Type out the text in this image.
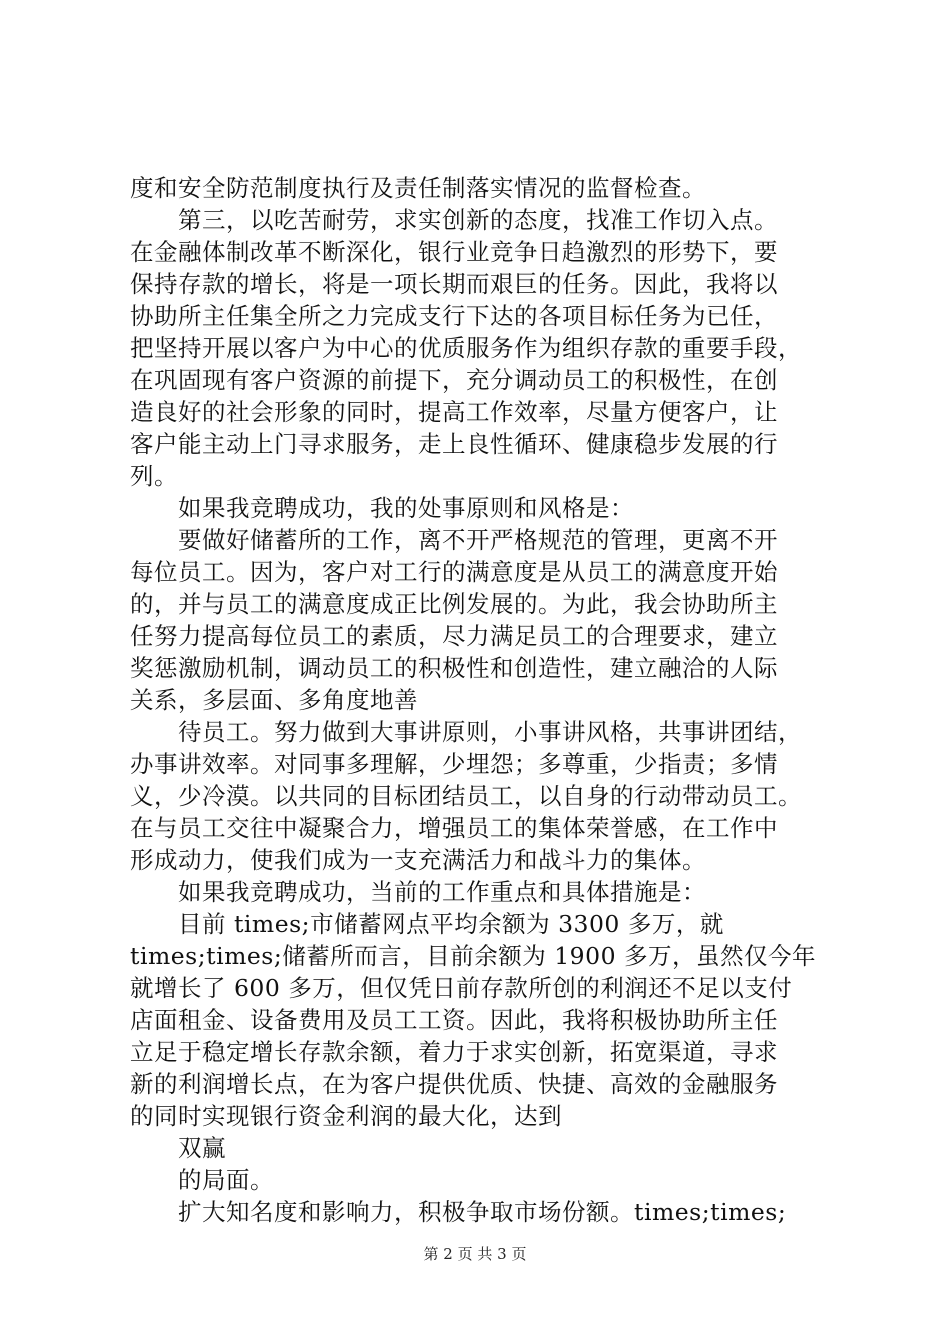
度和安全防范制度执行及责任制落实情况的监督检查。
　　第三，以吃苦耐劳，求实创新的态度，找准工作切入点。
在金融体制改革不断深化，银行业竞争日趋激烈的形势下，要
保持存款的增长，将是一项长期而艰巨的任务。因此，我将以
协助所主任集全所之力完成支行下达的各项目标任务为已任，
把坚持开展以客户为中心的优质服务作为组织存款的重要手段，
在巩固现有客户资源的前提下，充分调动员工的积极性，在创
造良好的社会形象的同时，提高工作效率，尽量方便客户，让
客户能主动上门寻求服务，走上良性循环、健康稳步发展的行
列。
　　如果我竞聘成功，我的处事原则和风格是：
　　要做好储蓄所的工作，离不开严格规范的管理，更离不开
每位员工。因为，客户对工行的满意度是从员工的满意度开始
的，并与员工的满意度成正比例发展的。为此，我会协助所主
任努力提高每位员工的素质，尽力满足员工的合理要求，建立
奖惩激励机制，调动员工的积极性和创造性，建立融洽的人际
关系，多层面、多角度地善
　　待员工。努力做到大事讲原则，小事讲风格，共事讲团结，
办事讲效率。对同事多理解，少埋怨；多尊重，少指责；多情
义，少冷漠。以共同的目标团结员工，以自身的行动带动员工。
在与员工交往中凝聚合力，增强员工的集体荣誉感，在工作中
形成动力，使我们成为一支充满活力和战斗力的集体。
　　如果我竞聘成功，当前的工作重点和具体措施是：
　　目前 times;市储蓄网点平均余额为 3300 多万，就
times;times;储蓄所而言，目前余额为 1900 多万，虽然仅今年
就增长了 600 多万，但仅凭日前存款所创的利润还不足以支付
店面租金、设备费用及员工工资。因此，我将积极协助所主任
立足于稳定增长存款余额，着力于求实创新，拓宽渠道，寻求
新的利润增长点，在为客户提供优质、快捷、高效的金融服务
的同时实现银行资金利润的最大化，达到
　　双赢
　　的局面。
　　扩大知名度和影响力，积极争取市场份额。times;times;
第 2 页 共 3 页
